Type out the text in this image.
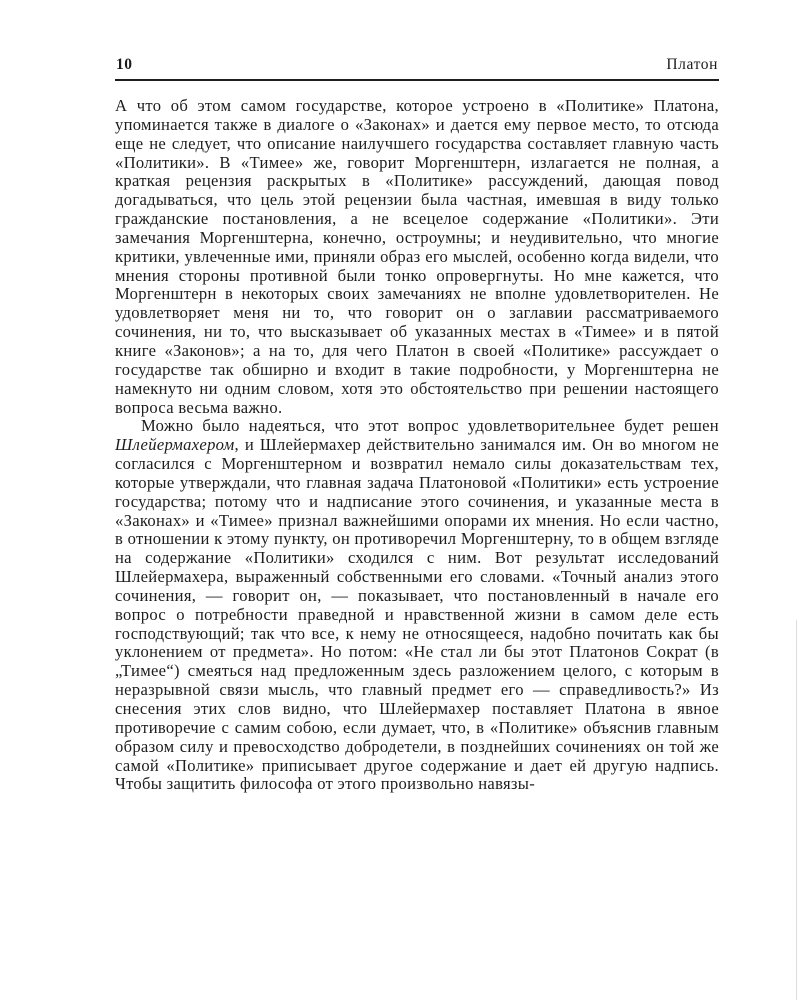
10	Платон

А что об этом самом государстве, которое устроено в «Политике» Платона, упоминается также в диалоге о «Законах» и дается ему первое место, то отсюда еще не следует, что описание наилучшего государства составляет главную часть «Политики». В «Тимее» же, говорит Моргенштерн, излагается не полная, а краткая рецензия раскрытых в «Политике» рассуждений, дающая повод догадываться, что цель этой рецензии была частная, имевшая в виду только гражданские постановления, а не всецелое содержание «Политики». Эти замечания Моргенштерна, конечно, остроумны; и неудивительно, что многие критики, увлеченные ими, приняли образ его мыслей, особенно когда видели, что мнения стороны противной были тонко опровергнуты. Но мне кажется, что Моргенштерн в некоторых своих замечаниях не вполне удовлетворителен. Не удовлетворяет меня ни то, что говорит он о заглавии рассматриваемого сочинения, ни то, что высказывает об указанных местах в «Тимее» и в пятой книге «Законов»; а на то, для чего Платон в своей «Политике» рассуждает о государстве так обширно и входит в такие подробности, у Моргенштерна не намекнуто ни одним словом, хотя это обстоятельство при решении настоящего вопроса весьма важно.

Можно было надеяться, что этот вопрос удовлетворительнее будет решен Шлейермахером, и Шлейермахер действительно занимался им. Он во многом не согласился с Моргенштерном и возвратил немало силы доказательствам тех, которые утверждали, что главная задача Платоновой «Политики» есть устроение государства; потому что и надписание этого сочинения, и указанные места в «Законах» и «Тимее» признал важнейшими опорами их мнения. Но если частно, в отношении к этому пункту, он противоречил Моргенштерну, то в общем взгляде на содержание «Политики» сходился с ним. Вот результат исследований Шлейермахера, выраженный собственными его словами. «Точный анализ этого сочинения, — говорит он, — показывает, что постановленный в начале его вопрос о потребности праведной и нравственной жизни в самом деле есть господствующий; так что все, к нему не относящееся, надобно почитать как бы уклонением от предмета». Но потом: «Не стал ли бы этот Платонов Сократ (в „Тимее“) смеяться над предложенным здесь разложением целого, с которым в неразрывной связи мысль, что главный предмет его — справедливость?» Из снесения этих слов видно, что Шлейермахер поставляет Платона в явное противоречие с самим собою, если думает, что, в «Политике» объяснив главным образом силу и превосходство добродетели, в позднейших сочинениях он той же самой «Политике» приписывает другое содержание и дает ей другую надпись. Чтобы защитить философа от этого произвольно навязы-
